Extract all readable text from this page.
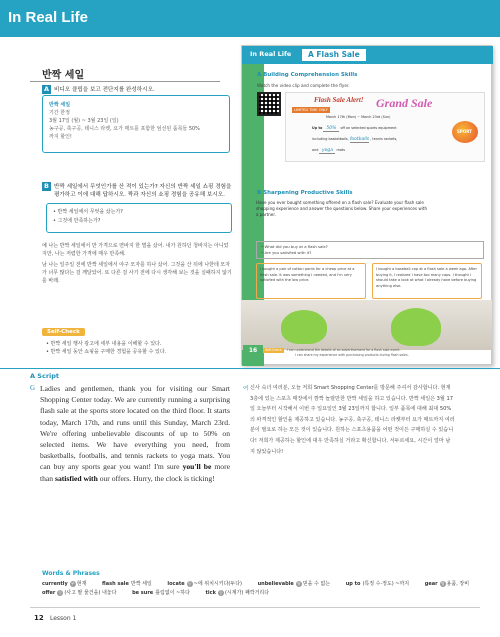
In Real Life
반짝 세일
A 비디오 클립을 보고 전단지를 완성하시오.
반짝 세일
기간 한정
3월 17일 (월) ~ 3월 23일 (일)
농구공, 축구공, 테니스 라켓, 요가 매트를 포함한 엄선된 품목들 50%
까지 할인!
B 반짝 세일에서 무엇인가를 산 적이 있는가? 자신의 반짝 세일 쇼핑 경험을
평가하고 이에 대해 답하시오. 짝과 자신의 쇼핑 경험을 공유해 보시오.
• 반짝 세일에서 무엇을 샀는가?
• 그것에 만족하는가?
예 나는 반짝 세일에서 반 가격으로 면바지 한 벌을 샀어. 내가 원하던 청바지는 아니었지만, 나는 저렴한 가격에 매우 만족해.
남 나는 일주일 전에 반짝 세일에서 야구 모자를 하나 샀어. 그것을 산 뒤에 나한테 모자가 너무 많다는 걸 깨달았어. 또 다른 걸 사기 전에 다시 생각해 보는 것을 실패하지 않기를 바래.
Self-Check
• 반짝 세일 행사 광고에 세부 내용을 이해할 수 있다.
• 반짝 세일 동안 쇼핑을 구매한 경험을 공유할 수 있다.
In Real Life	A Flash Sale
A Building Comprehension Skills
Watch the video clip and complete the flyer.
Flash Sale Alert! Grand Sale
LIMITED TIME ONLY
March 17th (Mon) ~ March 23rd (Sun)
Up to 50% off on selected sports equipment
including basketballs, footballs , tennis rackets,
and yoga mats
SPORT
B Sharpening Productive Skills
Have you ever bought something offered on a flash sale? Evaluate your flash sale
shopping experience and answer the questions below. Share your experiences with
a partner.
• What did you buy at a flash sale?
• Are you satisfied with it?
I bought a pair of cotton pants for a cheap price at a flash sale. It was something I needed, and I'm very satisfied with the low price.
I bought a baseball cap at a flash sale a week ago. After buying it, I realized I have too many caps. I thought I should take a look at what I already have before buying anything else.
16	Self-Check I can understand the details of an advertisement for a flash sale event.
I can share my experience with purchasing products during flash sales.
A Script
G Ladies and gentlemen, thank you for visiting our Smart Shopping Center today. We are currently running a surprising flash sale at the sports store located on the third floor. It starts today, March 17th, and runs until this Sunday, March 23rd. We're offering unbelievable discounts of up to 50% on selected items. We have everything you need, from basketballs, footballs, and tennis rackets to yoga mats. You can buy any sports gear you want! I'm sure you'll be more than satisfied with our offers. Hurry, the clock is ticking!
여 신사 숙녀 여러분, 오늘 저희 Smart Shopping Center를 방문해 주셔서 감사합니다. 현재 3층에 있는 스포츠 매장에서 깜짝 놀랄만한 반짝 세일을 하고 있습니다. 반짝 세일은 3월 17일 오늘부터 시작해서 이번 주 일요일인 3월 23일까지 합니다. 일부 품목에 대해 최대 50%의 파격적인 할인을 제공하고 있습니다. 농구공, 축구공, 테니스 라켓부터 요가 매트까지 여러분이 필요로 하는 모든 것이 있습니다. 원하는 스포츠용품을 어떤 것이든 구매하실 수 있습니다! 저희가 제공하는 할인에 대우 만족하실 거라고 확신합니다. 서두르세요, 시간이 얼마 남지 않았습니다!
Words & Phrases
currently 부 현재	flash sale 반짝 세일	locate 동 ~에 위치시키다(두다)	unbelievable 형 믿을 수 없는	up to (특정 수·정도) ~까지	gear 명 용품, 장비
offer 동 (사고 팔 물건을) 내놓다	be sure 틀림없이 ~하다	tick 동 (시계가) 째깍거리다
12 Lesson 1
